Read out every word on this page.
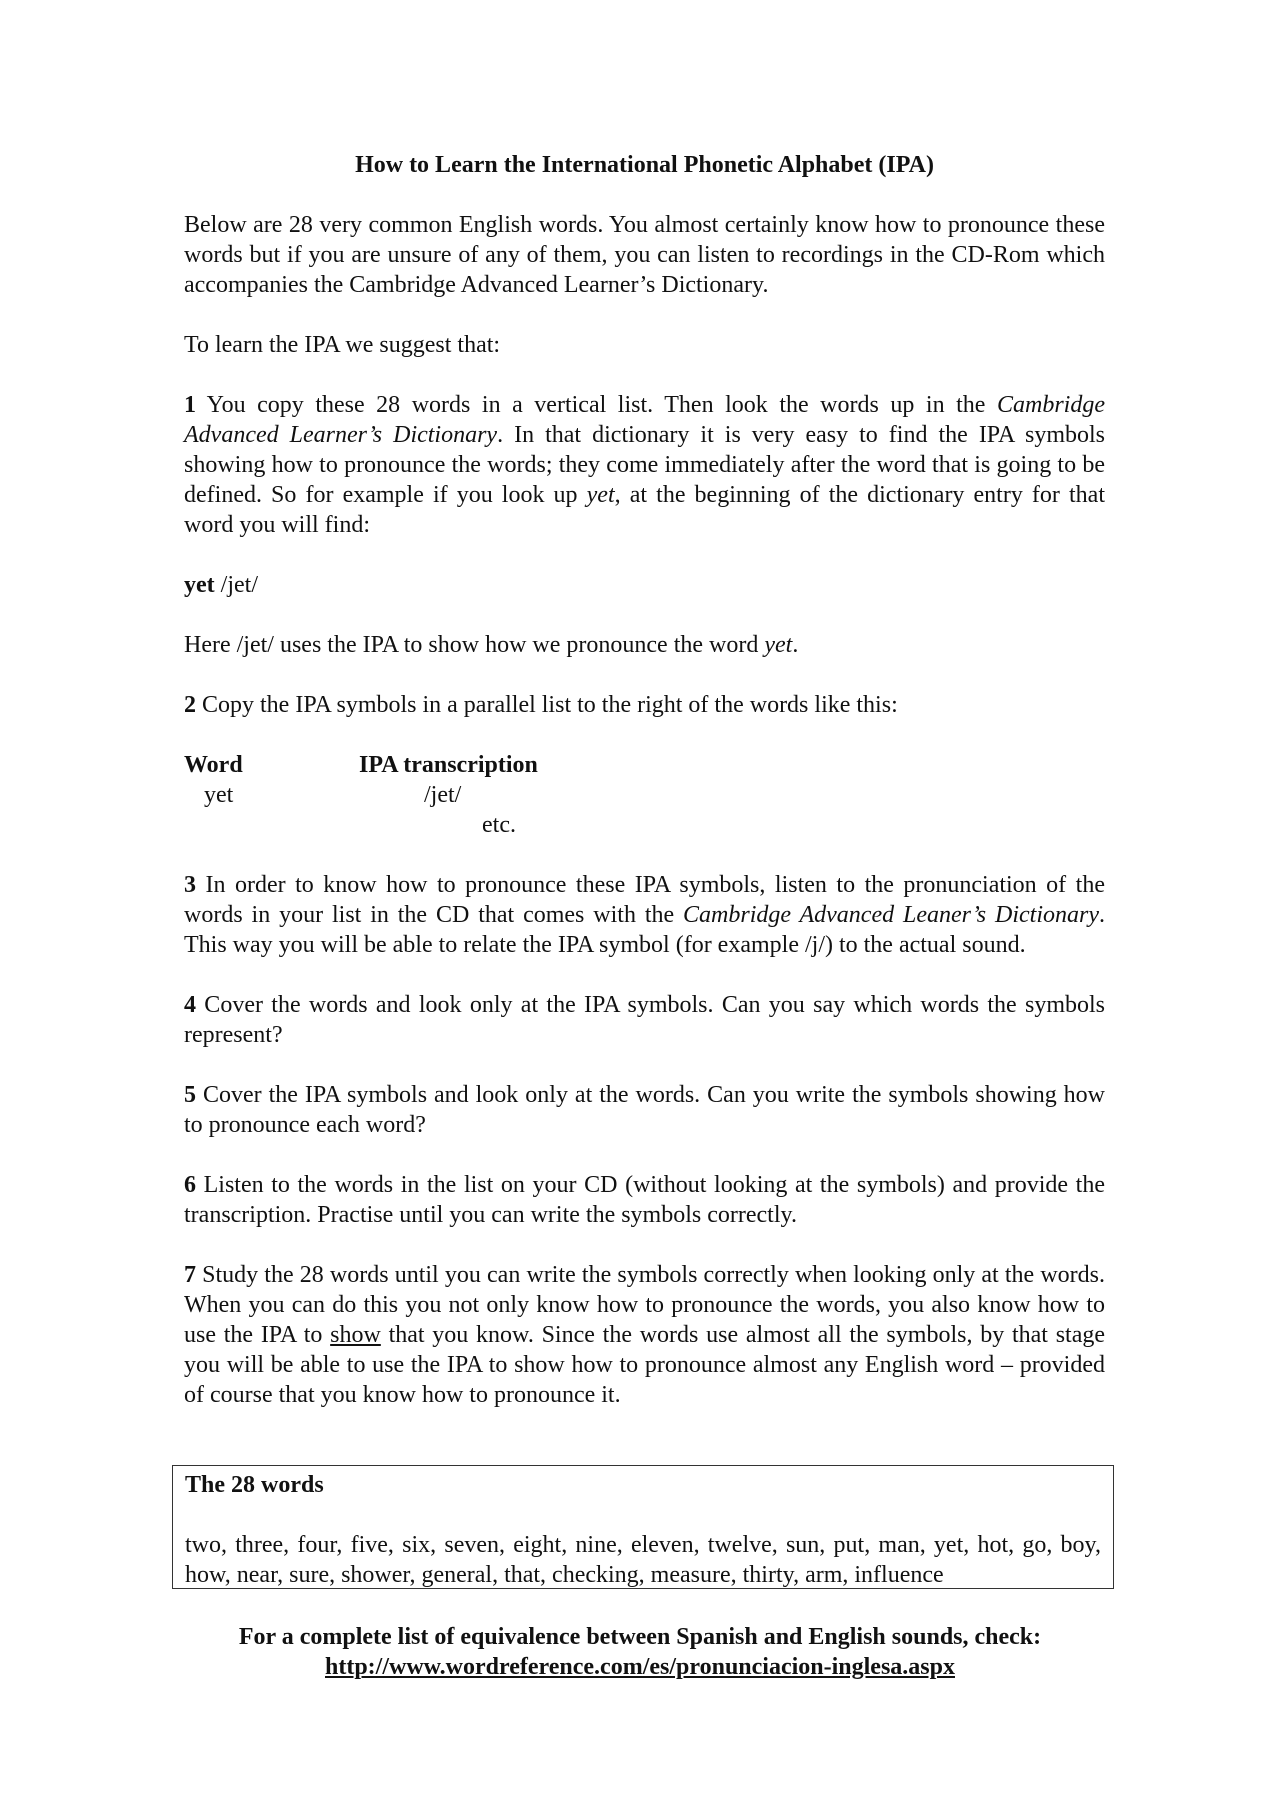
How to Learn the International Phonetic Alphabet (IPA)

Below are 28 very common English words. You almost certainly know how to pronounce these words but if you are unsure of any of them, you can listen to recordings in the CD-Rom which accompanies the Cambridge Advanced Learner’s Dictionary.

To learn the IPA we suggest that:

1 You copy these 28 words in a vertical list. Then look the words up in the Cambridge Advanced Learner’s Dictionary. In that dictionary it is very easy to find the IPA symbols showing how to pronounce the words; they come immediately after the word that is going to be defined. So for example if you look up yet, at the beginning of the dictionary entry for that word you will find:

yet /jet/

Here /jet/ uses the IPA to show how we pronounce the word yet.

2 Copy the IPA symbols in a parallel list to the right of the words like this:

Word	IPA transcription
yet	/jet/
etc.

3 In order to know how to pronounce these IPA symbols, listen to the pronunciation of the words in your list in the CD that comes with the Cambridge Advanced Leaner’s Dictionary. This way you will be able to relate the IPA symbol (for example /j/) to the actual sound.

4 Cover the words and look only at the IPA symbols. Can you say which words the symbols represent?

5 Cover the IPA symbols and look only at the words. Can you write the symbols showing how to pronounce each word?

6 Listen to the words in the list on your CD (without looking at the symbols) and provide the transcription. Practise until you can write the symbols correctly.

7 Study the 28 words until you can write the symbols correctly when looking only at the words. When you can do this you not only know how to pronounce the words, you also know how to use the IPA to show that you know. Since the words use almost all the symbols, by that stage you will be able to use the IPA to show how to pronounce almost any English word – provided of course that you know how to pronounce it.

The 28 words
two, three, four, five, six, seven, eight, nine, eleven, twelve, sun, put, man, yet, hot, go, boy, how, near, sure, shower, general, that, checking, measure, thirty, arm, influence
For a complete list of equivalence between Spanish and English sounds, check:
http://www.wordreference.com/es/pronunciacion-inglesa.aspx
